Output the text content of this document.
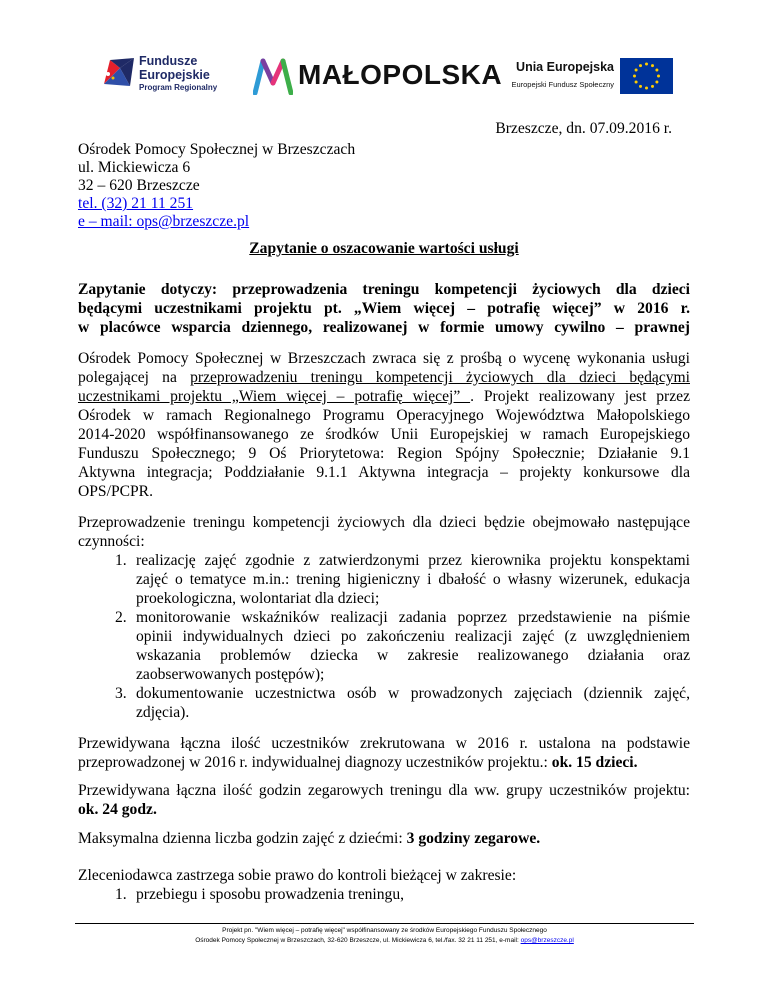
Fundusze
Europejskie
Program Regionalny	MAŁOPOLSKA	Unia Europejska
Europejski Fundusz Społeczny
Brzeszcze, dn. 07.09.2016 r.
Ośrodek Pomocy Społecznej w Brzeszczach
ul. Mickiewicza 6
32 – 620 Brzeszcze
tel. (32) 21 11 251
e – mail: ops@brzeszcze.pl
Zapytanie o oszacowanie wartości usługi
Zapytanie dotyczy: przeprowadzenia treningu kompetencji życiowych dla dzieci
będącymi uczestnikami projektu pt. „Wiem więcej – potrafię więcej” w 2016 r.
w placówce wsparcia dziennego, realizowanej w formie umowy cywilno – prawnej
Ośrodek Pomocy Społecznej w Brzeszczach zwraca się z prośbą o wycenę wykonania usługi
polegającej na przeprowadzeniu treningu kompetencji życiowych dla dzieci będącymi
uczestnikami projektu „Wiem więcej – potrafię więcej” . Projekt realizowany jest przez
Ośrodek w ramach Regionalnego Programu Operacyjnego Województwa Małopolskiego
2014-2020 współfinansowanego ze środków Unii Europejskiej w ramach Europejskiego
Funduszu Społecznego; 9 Oś Priorytetowa: Region Spójny Społecznie; Działanie 9.1
Aktywna integracja; Poddziałanie 9.1.1 Aktywna integracja – projekty konkursowe dla
OPS/PCPR.
Przeprowadzenie treningu kompetencji życiowych dla dzieci będzie obejmowało następujące
czynności:
1. realizację zajęć zgodnie z zatwierdzonymi przez kierownika projektu konspektami
zajęć o tematyce m.in.: trening higieniczny i dbałość o własny wizerunek, edukacja
proekologiczna, wolontariat dla dzieci;
2. monitorowanie wskaźników realizacji zadania poprzez przedstawienie na piśmie
opinii indywidualnych dzieci po zakończeniu realizacji zajęć (z uwzględnieniem
wskazania problemów dziecka w zakresie realizowanego działania oraz
zaobserwowanych postępów);
3. dokumentowanie uczestnictwa osób w prowadzonych zajęciach (dziennik zajęć,
zdjęcia).
Przewidywana łączna ilość uczestników zrekrutowana w 2016 r. ustalona na podstawie
przeprowadzonej w 2016 r. indywidualnej diagnozy uczestników projektu.: ok. 15 dzieci.
Przewidywana łączna ilość godzin zegarowych treningu dla ww. grupy uczestników projektu:
ok. 24 godz.
Maksymalna dzienna liczba godzin zajęć z dziećmi: 3 godziny zegarowe.
Zleceniodawca zastrzega sobie prawo do kontroli bieżącej w zakresie:
1. przebiegu i sposobu prowadzenia treningu,
Projekt pn. "Wiem więcej – potrafię więcej" współfinansowany ze środków Europejskiego Funduszu Społecznego
Ośrodek Pomocy Społecznej w Brzeszczach, 32-620 Brzeszcze, ul. Mickiewicza 6, tel./fax. 32 21 11 251, e-mail: ops@brzeszcze.pl
